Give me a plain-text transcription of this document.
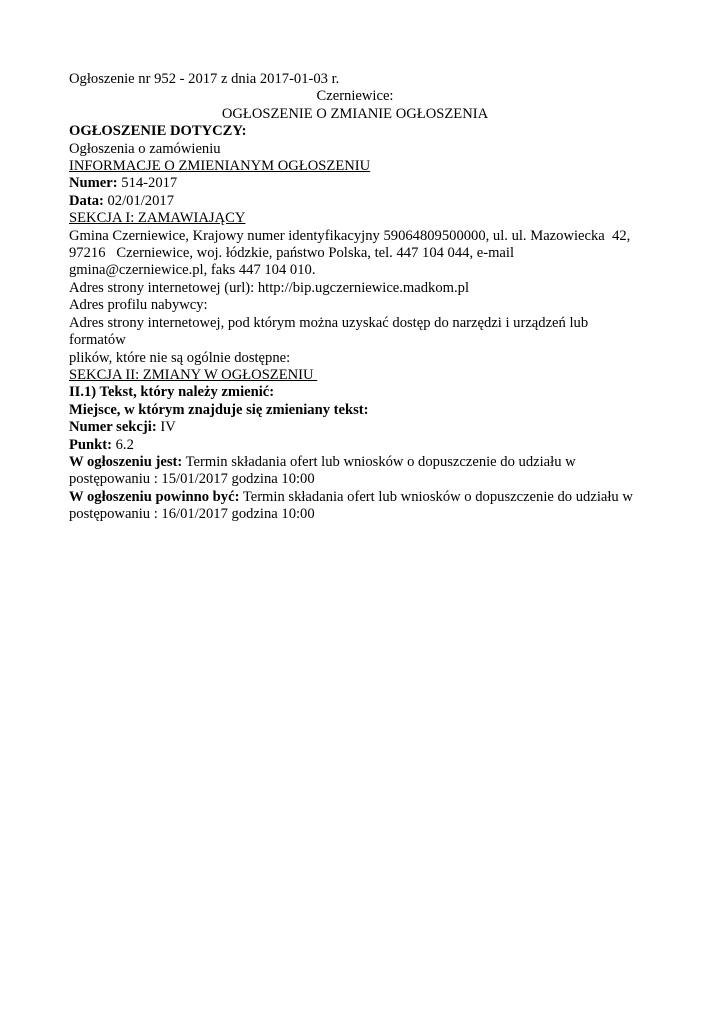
Ogłoszenie nr 952 - 2017 z dnia 2017-01-03 r.
Czerniewice:
OGŁOSZENIE O ZMIANIE OGŁOSZENIA
OGŁOSZENIE DOTYCZY:
Ogłoszenia o zamówieniu
INFORMACJE O ZMIENIANYM OGŁOSZENIU
Numer: 514-2017
Data: 02/01/2017
SEKCJA I: ZAMAWIAJĄCY
Gmina Czerniewice, Krajowy numer identyfikacyjny 59064809500000, ul. ul. Mazowiecka  42,
97216   Czerniewice, woj. łódzkie, państwo Polska, tel. 447 104 044, e-mail
gmina@czerniewice.pl, faks 447 104 010.
Adres strony internetowej (url): http://bip.ugczerniewice.madkom.pl
Adres profilu nabywcy:
Adres strony internetowej, pod którym można uzyskać dostęp do narzędzi i urządzeń lub formatów
plików, które nie są ogólnie dostępne:
SEKCJA II: ZMIANY W OGŁOSZENIU
II.1) Tekst, który należy zmienić:
Miejsce, w którym znajduje się zmieniany tekst:
Numer sekcji: IV
Punkt: 6.2
W ogłoszeniu jest: Termin składania ofert lub wniosków o dopuszczenie do udziału w
postępowaniu : 15/01/2017 godzina 10:00
W ogłoszeniu powinno być: Termin składania ofert lub wniosków o dopuszczenie do udziału w
postępowaniu : 16/01/2017 godzina 10:00
